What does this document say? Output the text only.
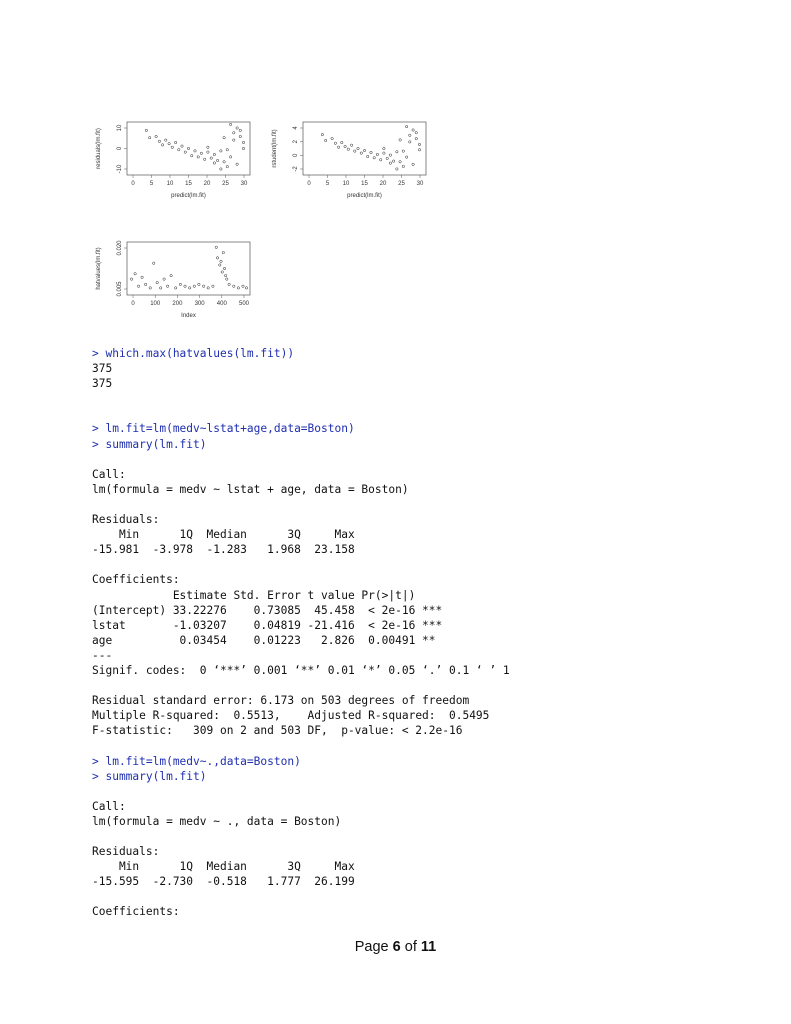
0	5 10 15 20 25 30
-10
0
10
predict(lm.fit)
residuals(lm.fit)
0	5 10 15 20 25 30
-2
0
2
4
predict(lm.fit)
rstudent(lm.fit)
0	100 200 300 400 500
0.005
0.020
Index
hatvalues(lm.fit)
> which.max(hatvalues(lm.fit))
375
375

> lm.fit=lm(medv~lstat+age,data=Boston)
> summary(lm.fit)

Call:
lm(formula = medv ~ lstat + age, data = Boston)

Residuals:
Min      1Q  Median      3Q     Max
-15.981  -3.978  -1.283   1.968  23.158

Coefficients:
Estimate Std. Error t value Pr(>|t|)
(Intercept) 33.22276    0.73085  45.458  < 2e-16 ***
lstat       -1.03207    0.04819 -21.416  < 2e-16 ***
age          0.03454    0.01223   2.826  0.00491 **
---
Signif. codes:  0 ‘***’ 0.001 ‘**’ 0.01 ‘*’ 0.05 ‘.’ 0.1 ‘ ’ 1

Residual standard error: 6.173 on 503 degrees of freedom
Multiple R-squared:  0.5513,	Adjusted R-squared:  0.5495
F-statistic:   309 on 2 and 503 DF,  p-value: < 2.2e-16

> lm.fit=lm(medv~.,data=Boston)
> summary(lm.fit)

Call:
lm(formula = medv ~ ., data = Boston)

Residuals:
Min      1Q  Median      3Q     Max
-15.595  -2.730  -0.518   1.777  26.199

Coefficients:
Page 6 of 11
